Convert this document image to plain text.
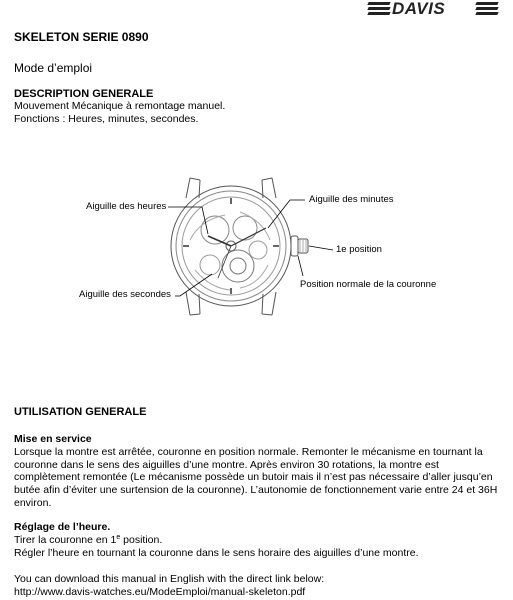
DAVIS
SKELETON SERIE 0890
Mode d’emploi
DESCRIPTION GENERALE
Mouvement Mécanique à remontage manuel.
Fonctions : Heures, minutes, secondes.
Aiguille des heures
Aiguille des minutes
1e position
Position normale de la couronne
Aiguille des secondes
UTILISATION GENERALE
Mise en service
Lorsque la montre est arrêtée, couronne en position normale. Remonter le mécanisme en tournant la couronne dans le sens des aiguilles d’une montre. Après environ 30 rotations, la montre est complètement remontée (Le mécanisme possède un butoir mais il n’est pas nécessaire d’aller jusqu’en butée afin d’éviter une surtension de la couronne). L’autonomie de fonctionnement varie entre 24 et 36H environ.
Réglage de l’heure.
Tirer la couronne en 1e position.
Régler l’heure en tournant la couronne dans le sens horaire des aiguilles d’une montre.
You can download this manual in English with the direct link below:
http://www.davis-watches.eu/ModeEmploi/manual-skeleton.pdf
